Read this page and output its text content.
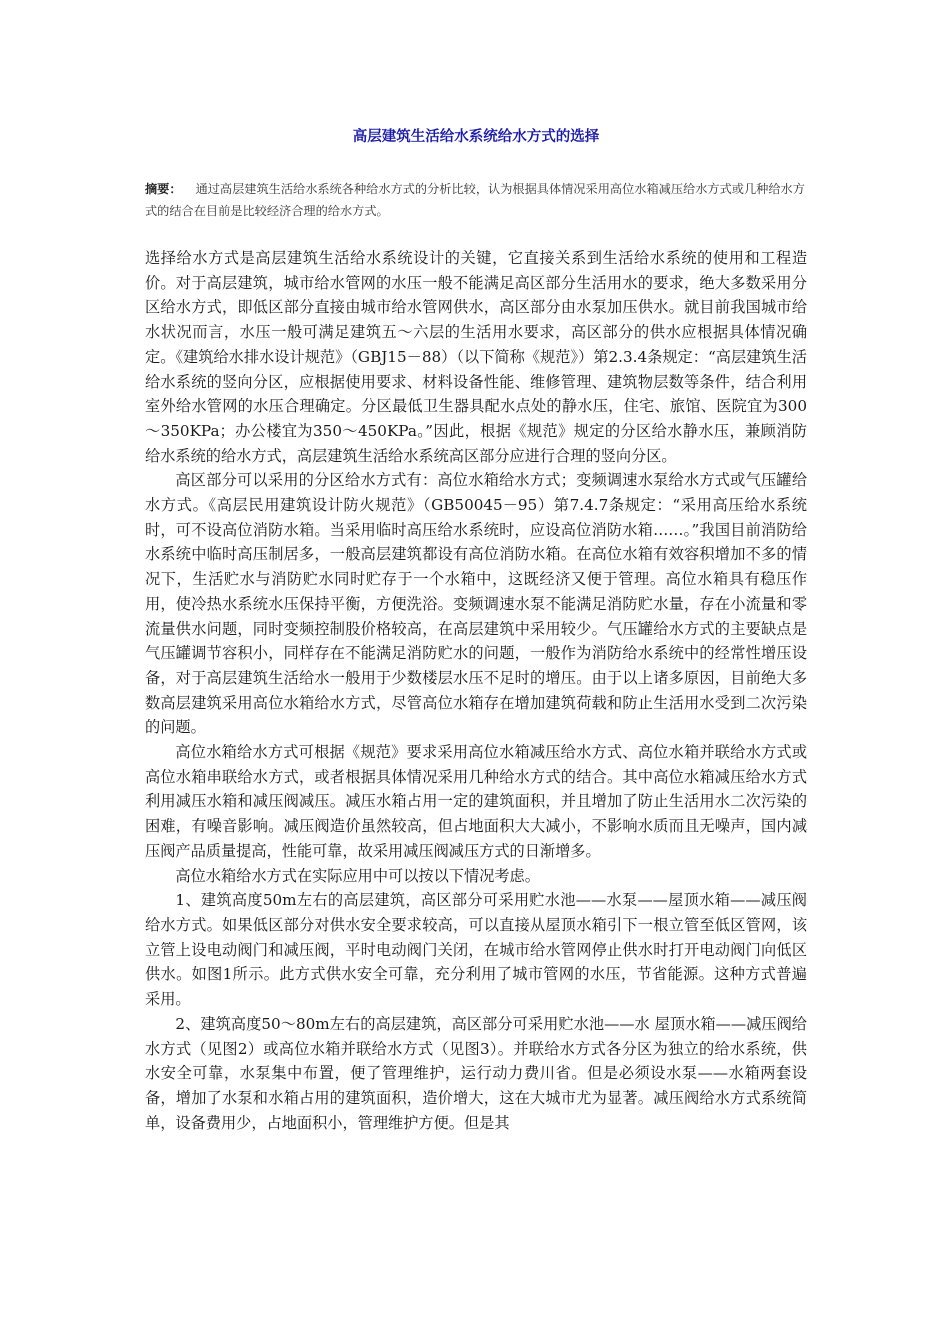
高层建筑生活给水系统给水方式的选择

摘要： 通过高层建筑生活给水系统各种给水方式的分析比较，认为根据具体情况采用高位水箱减压给水方式或几种给水方式的结合在目前是比较经济合理的给水方式。

选择给水方式是高层建筑生活给水系统设计的关键，它直接关系到生活给水系统的使用和工程造价。对于高层建筑，城市给水管网的水压一般不能满足高区部分生活用水的要求，绝大多数采用分区给水方式，即低区部分直接由城市给水管网供水，高区部分由水泵加压供水。就目前我国城市给水状况而言，水压一般可满足建筑五～六层的生活用水要求，高区部分的供水应根据具体情况确定。《建筑给水排水设计规范》（GBJ15－88）（以下简称《规范》）第2.3.4条规定：“高层建筑生活给水系统的竖向分区，应根据使用要求、材料设备性能、维修管理、建筑物层数等条件，结合利用室外给水管网的水压合理确定。分区最低卫生器具配水点处的静水压，住宅、旅馆、医院宜为300～350KPa；办公楼宜为350～450KPa。”因此，根据《规范》规定的分区给水静水压，兼顾消防给水系统的给水方式，高层建筑生活给水系统高区部分应进行合理的竖向分区。

高区部分可以采用的分区给水方式有：高位水箱给水方式；变频调速水泵给水方式或气压罐给水方式。《高层民用建筑设计防火规范》（GB50045－95）第7.4.7条规定：“采用高压给水系统时，可不设高位消防水箱。当采用临时高压给水系统时，应设高位消防水箱……。”我国目前消防给水系统中临时高压制居多，一般高层建筑都设有高位消防水箱。在高位水箱有效容积增加不多的情况下，生活贮水与消防贮水同时贮存于一个水箱中，这既经济又便于管理。高位水箱具有稳压作用，使冷热水系统水压保持平衡，方便洗浴。变频调速水泵不能满足消防贮水量，存在小流量和零流量供水问题，同时变频控制股价格较高，在高层建筑中采用较少。气压罐给水方式的主要缺点是气压罐调节容积小，同样存在不能满足消防贮水的问题，一般作为消防给水系统中的经常性增压设备，对于高层建筑生活给水一般用于少数楼层水压不足时的增压。由于以上诸多原因，目前绝大多数高层建筑采用高位水箱给水方式，尽管高位水箱存在增加建筑荷载和防止生活用水受到二次污染的问题。

高位水箱给水方式可根据《规范》要求采用高位水箱减压给水方式、高位水箱并联给水方式或高位水箱串联给水方式，或者根据具体情况采用几种给水方式的结合。其中高位水箱减压给水方式利用减压水箱和减压阀减压。减压水箱占用一定的建筑面积，并且增加了防止生活用水二次污染的困难，有噪音影响。减压阀造价虽然较高，但占地面积大大减小，不影响水质而且无噪声，国内减压阀产品质量提高，性能可靠，故采用减压阀减压方式的日渐增多。

高位水箱给水方式在实际应用中可以按以下情况考虑。

1、建筑高度50m左右的高层建筑，高区部分可采用贮水池——水泵——屋顶水箱——减压阀给水方式。如果低区部分对供水安全要求较高，可以直接从屋顶水箱引下一根立管至低区管网，该立管上设电动阀门和减压阀，平时电动阀门关闭，在城市给水管网停止供水时打开电动阀门向低区供水。如图1所示。此方式供水安全可靠，充分利用了城市管网的水压，节省能源。这种方式普遍采用。

2、建筑高度50～80m左右的高层建筑，高区部分可采用贮水池——水 屋顶水箱——减压阀给水方式（见图2）或高位水箱并联给水方式（见图3）。并联给水方式各分区为独立的给水系统，供水安全可靠，水泵集中布置，便了管理维护，运行动力费川省。但是必须设水泵——水箱两套设备，增加了水泵和水箱占用的建筑面积，造价增大，这在大城市尤为显著。减压阀给水方式系统简单，设备费用少，占地面积小，管理维护方便。但是其
